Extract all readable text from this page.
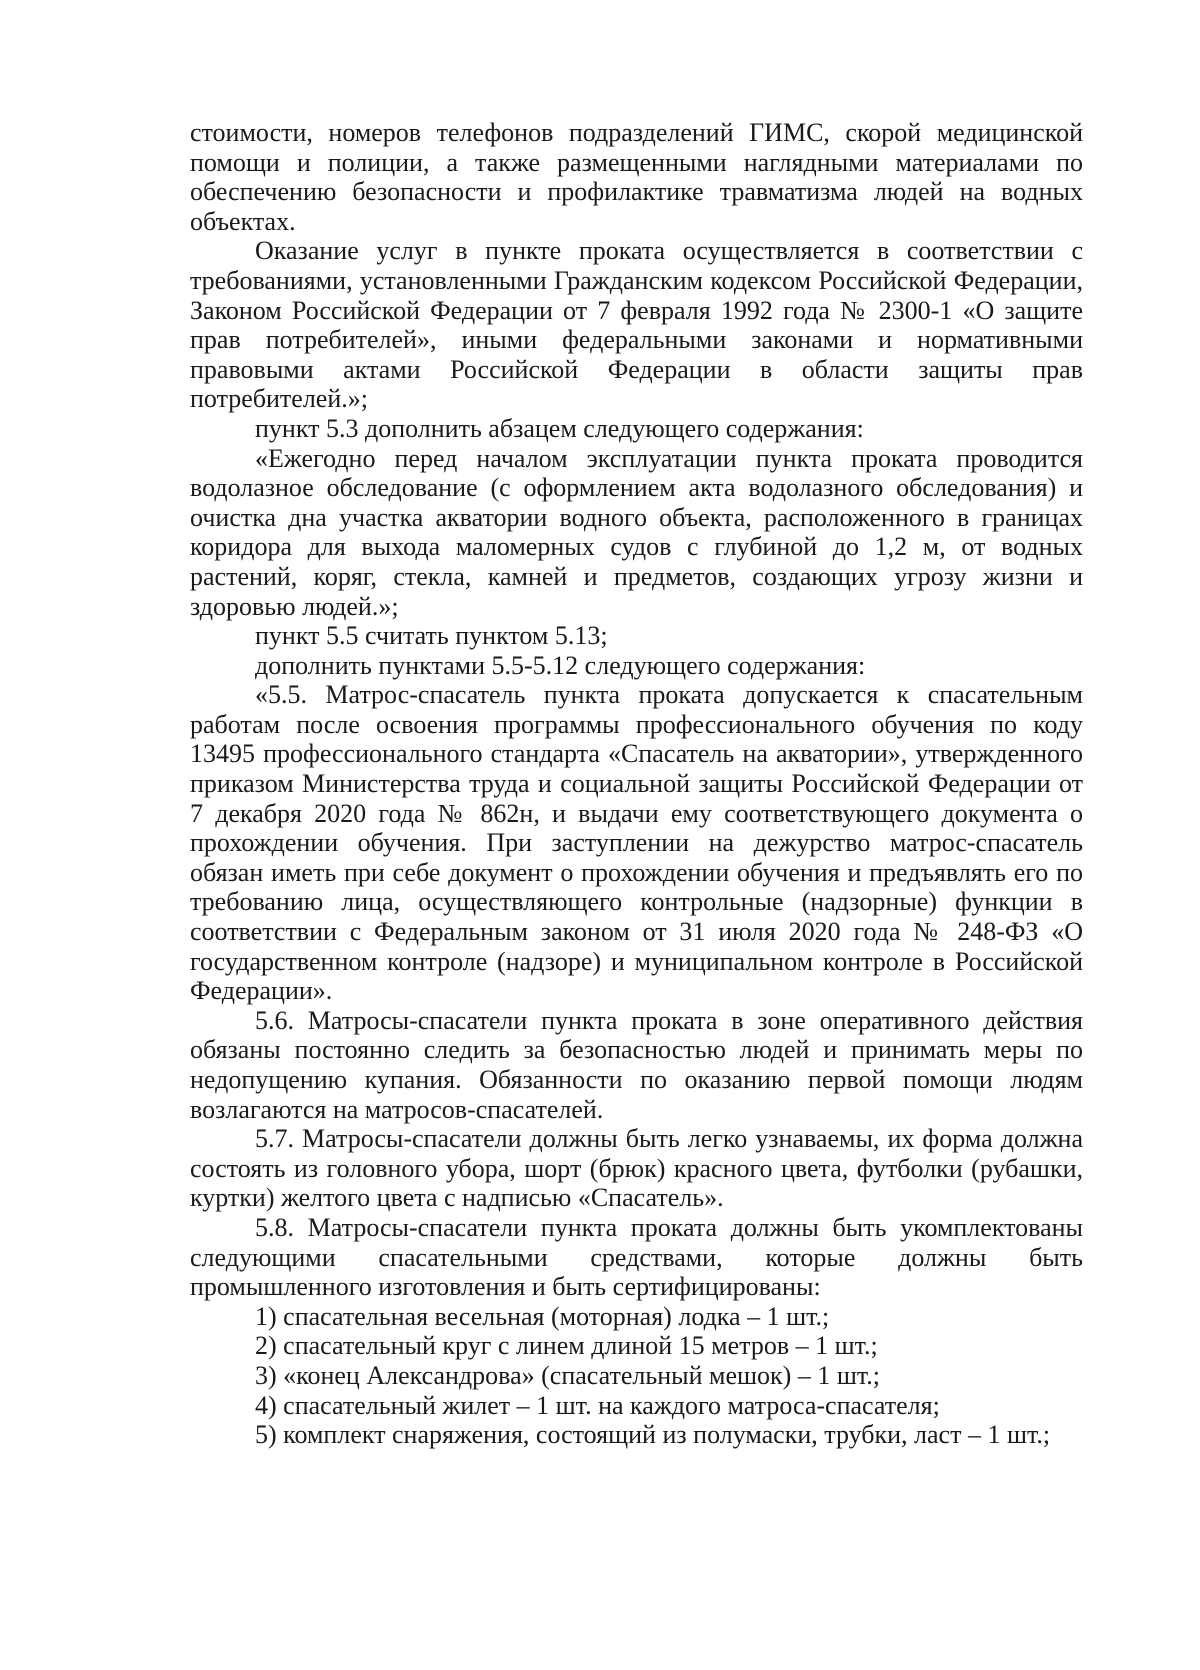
стоимости, номеров телефонов подразделений ГИМС, скорой медицинской помощи и полиции, а также размещенными наглядными материалами по обеспечению безопасности и профилактике травматизма людей на водных объектах.

Оказание услуг в пункте проката осуществляется в соответствии с требованиями, установленными Гражданским кодексом Российской Федерации, Законом Российской Федерации от 7 февраля 1992 года № 2300-1 «О защите прав потребителей», иными федеральными законами и нормативными правовыми актами Российской Федерации в области защиты прав потребителей.»;

пункт 5.3 дополнить абзацем следующего содержания:

«Ежегодно перед началом эксплуатации пункта проката проводится водолазное обследование (с оформлением акта водолазного обследования) и очистка дна участка акватории водного объекта, расположенного в границах коридора для выхода маломерных судов с глубиной до 1,2 м, от водных растений, коряг, стекла, камней и предметов, создающих угрозу жизни и здоровью людей.»;

пункт 5.5 считать пунктом 5.13;

дополнить пунктами 5.5-5.12 следующего содержания:

«5.5. Матрос-спасатель пункта проката допускается к спасательным работам после освоения программы профессионального обучения по коду 13495 профессионального стандарта «Спасатель на акватории», утвержденного приказом Министерства труда и социальной защиты Российской Федерации от 7 декабря 2020 года № 862н, и выдачи ему соответствующего документа о прохождении обучения. При заступлении на дежурство матрос-спасатель обязан иметь при себе документ о прохождении обучения и предъявлять его по требованию лица, осуществляющего контрольные (надзорные) функции в соответствии с Федеральным законом от 31 июля 2020 года № 248-ФЗ «О государственном контроле (надзоре) и муниципальном контроле в Российской Федерации».

5.6. Матросы-спасатели пункта проката в зоне оперативного действия обязаны постоянно следить за безопасностью людей и принимать меры по недопущению купания. Обязанности по оказанию первой помощи людям возлагаются на матросов-спасателей.

5.7. Матросы-спасатели должны быть легко узнаваемы, их форма должна состоять из головного убора, шорт (брюк) красного цвета, футболки (рубашки, куртки) желтого цвета с надписью «Спасатель».

5.8. Матросы-спасатели пункта проката должны быть укомплектованы следующими спасательными средствами, которые должны быть промышленного изготовления и быть сертифицированы:

1) спасательная весельная (моторная) лодка – 1 шт.;

2) спасательный круг с линем длиной 15 метров – 1 шт.;

3) «конец Александрова» (спасательный мешок) – 1 шт.;

4) спасательный жилет – 1 шт. на каждого матроса-спасателя;

5) комплект снаряжения, состоящий из полумаски, трубки, ласт – 1 шт.;
